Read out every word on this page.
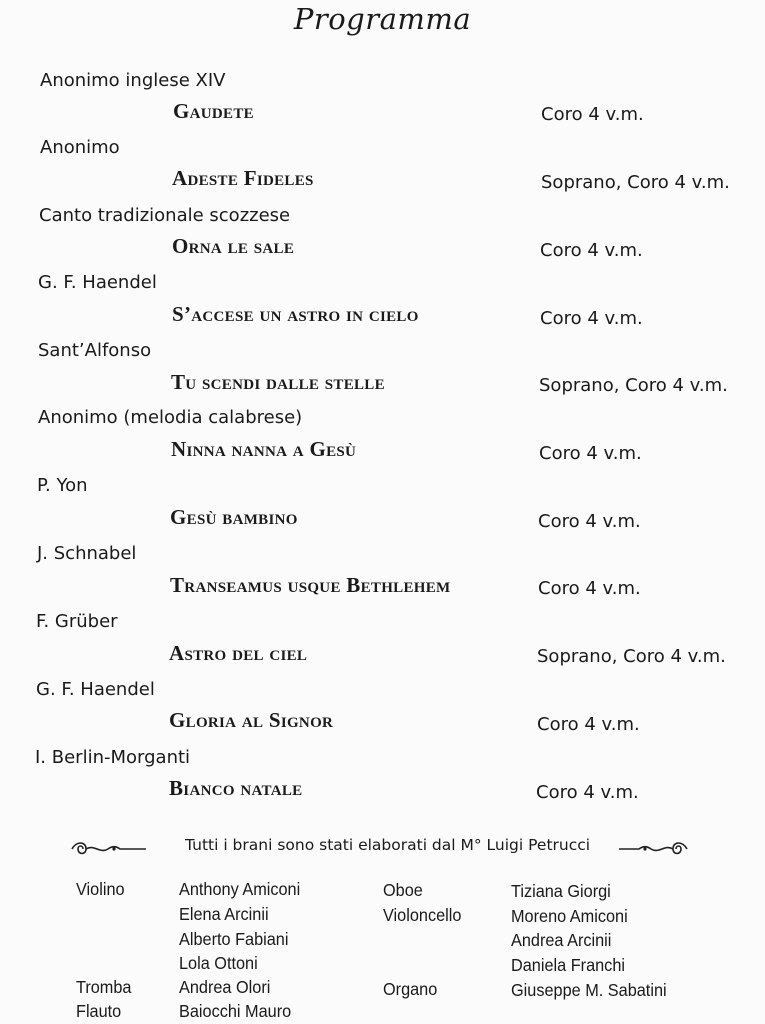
Programma
Anonimo inglese XIV
Gaudete	Coro 4 v.m.
Anonimo
Adeste Fideles	Soprano, Coro 4 v.m.
Canto tradizionale scozzese
Orna le sale	Coro 4 v.m.
G. F. Haendel
S’accese un astro in cielo	Coro 4 v.m.
Sant’Alfonso
Tu scendi dalle stelle	Soprano, Coro 4 v.m.
Anonimo (melodia calabrese)
Ninna nanna a Gesù	Coro 4 v.m.
P. Yon
Gesù bambino	Coro 4 v.m.
J. Schnabel
Transeamus usque Bethlehem	Coro 4 v.m.
F. Grüber
Astro del ciel	Soprano, Coro 4 v.m.
G. F. Haendel
Gloria al Signor	Coro 4 v.m.
I. Berlin-Morganti
Bianco natale	Coro 4 v.m.
Tutti i brani sono stati elaborati dal M° Luigi Petrucci
Violino	Anthony Amiconi
Elena Arcinii
Alberto Fabiani
Lola Ottoni
Tromba	Andrea Olori
Flauto	Baiocchi Mauro
Oboe	Tiziana Giorgi
Violoncello	Moreno Amiconi
Andrea Arcinii
Daniela Franchi
Organo	Giuseppe M. Sabatini
